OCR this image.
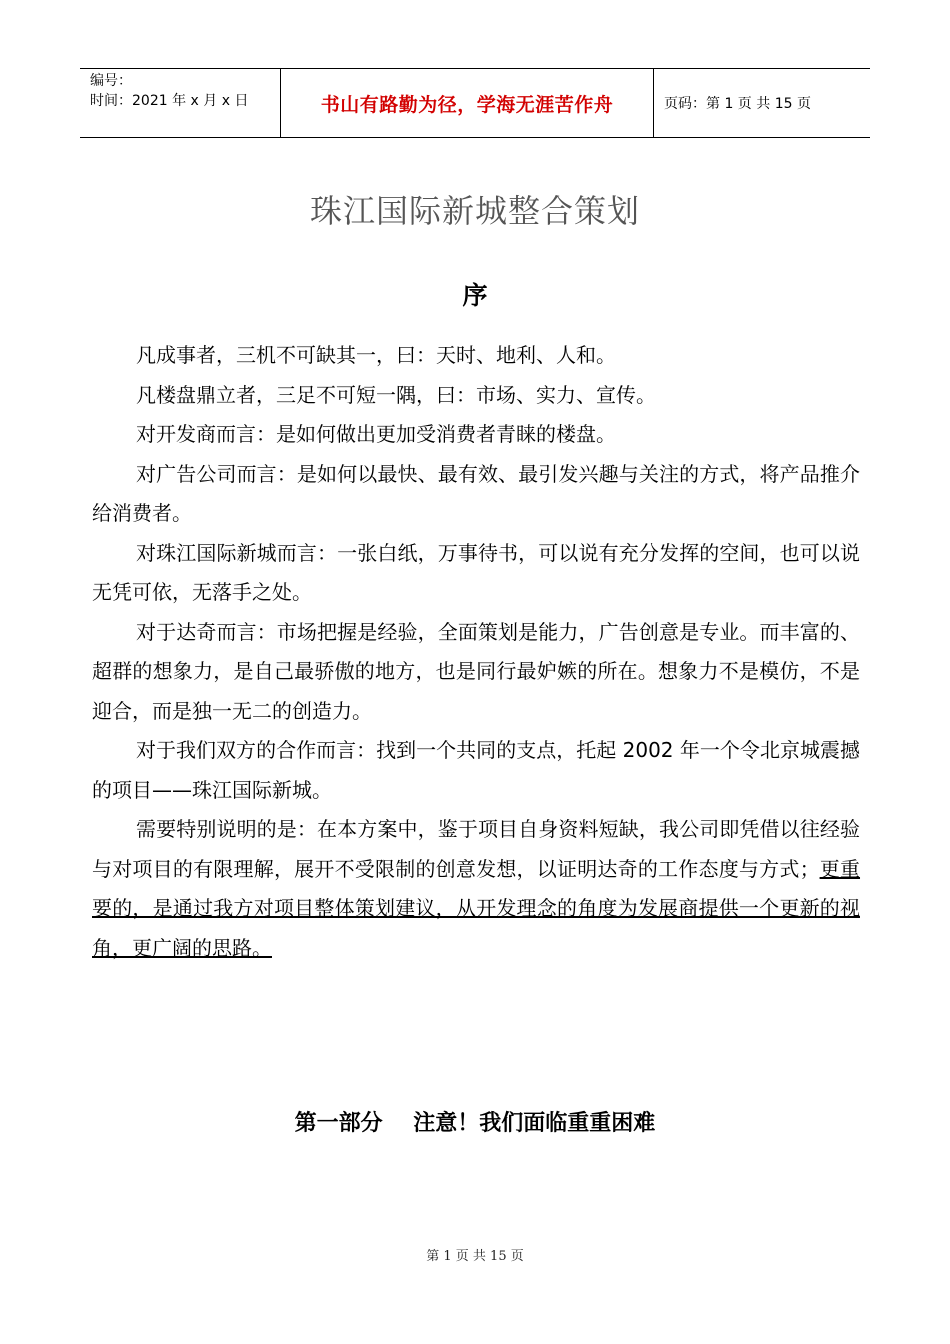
编号：
时间：2021 年 x 月 x 日	书山有路勤为径，学海无涯苦作舟	页码：第 1 页 共 15 页
珠江国际新城整合策划
序

凡成事者，三机不可缺其一，曰：天时、地利、人和。

凡楼盘鼎立者，三足不可短一隅，曰：市场、实力、宣传。

对开发商而言：是如何做出更加受消费者青睐的楼盘。

对广告公司而言：是如何以最快、最有效、最引发兴趣与关注的方式，将产品推介给消费者。

对珠江国际新城而言：一张白纸，万事待书，可以说有充分发挥的空间，也可以说无凭可依，无落手之处。

对于达奇而言：市场把握是经验，全面策划是能力，广告创意是专业。而丰富的、超群的想象力，是自己最骄傲的地方，也是同行最妒嫉的所在。想象力不是模仿，不是迎合，而是独一无二的创造力。

对于我们双方的合作而言：找到一个共同的支点，托起 2002 年一个令北京城震撼的项目——珠江国际新城。

需要特别说明的是：在本方案中，鉴于项目自身资料短缺，我公司即凭借以往经验与对项目的有限理解，展开不受限制的创意发想，以证明达奇的工作态度与方式；更重要的，是通过我方对项目整体策划建议，从开发理念的角度为发展商提供一个更新的视角，更广阔的思路。

第一部分    注意！我们面临重重困难
第 1 页 共 15 页
